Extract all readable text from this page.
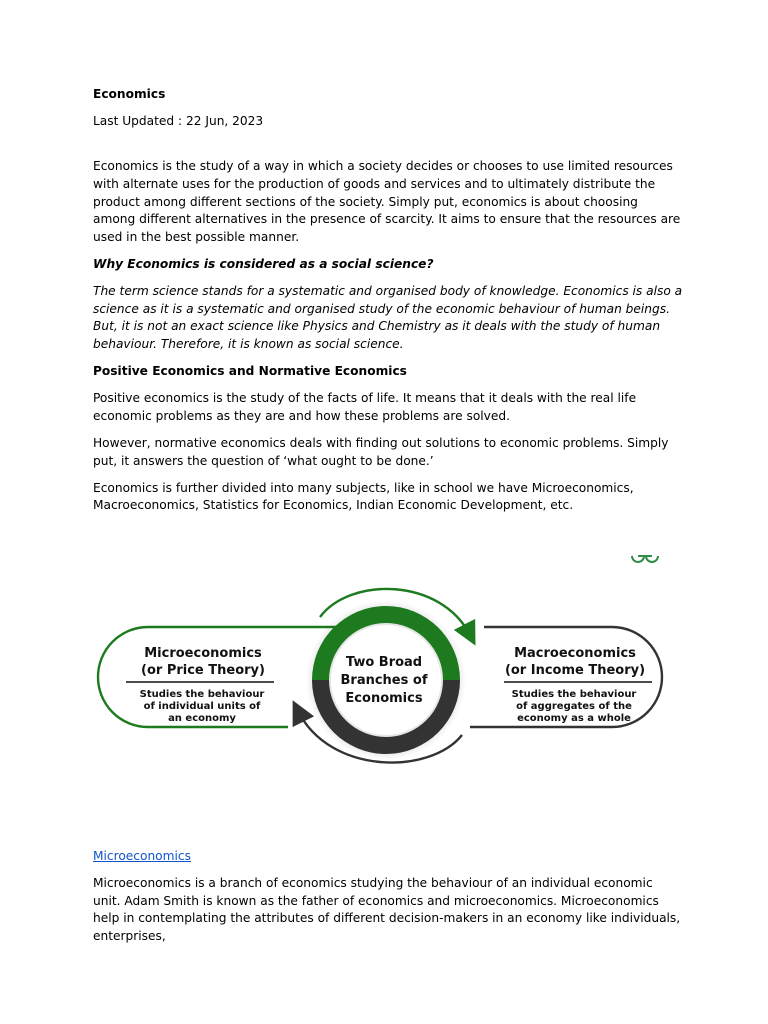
Economics

Last Updated : 22 Jun, 2023

Economics is the study of a way in which a society decides or chooses to use limited resources with alternate uses for the production of goods and services and to ultimately distribute the product among different sections of the society. Simply put, economics is about choosing among different alternatives in the presence of scarcity. It aims to ensure that the resources are used in the best possible manner.

Why Economics is considered as a social science?

The term science stands for a systematic and organised body of knowledge. Economics is also a science as it is a systematic and organised study of the economic behaviour of human beings. But, it is not an exact science like Physics and Chemistry as it deals with the study of human behaviour. Therefore, it is known as social science.

Positive Economics and Normative Economics

Positive economics is the study of the facts of life. It means that it deals with the real life economic problems as they are and how these problems are solved.

However, normative economics deals with finding out solutions to economic problems. Simply put, it answers the question of ‘what ought to be done.’

Economics is further divided into many subjects, like in school we have Microeconomics, Macroeconomics, Statistics for Economics, Indian Economic Development, etc.

Two Broad
Branches of
Economics
Microeconomics
(or Price Theory)
Studies the behaviour
of individual units of
an economy
Macroeconomics
(or Income Theory)
Studies the behaviour
of aggregates of the
economy as a whole

Microeconomics

Microeconomics is a branch of economics studying the behaviour of an individual economic unit. Adam Smith is known as the father of economics and microeconomics. Microeconomics help in contemplating the attributes of different decision-makers in an economy like individuals, enterprises,
